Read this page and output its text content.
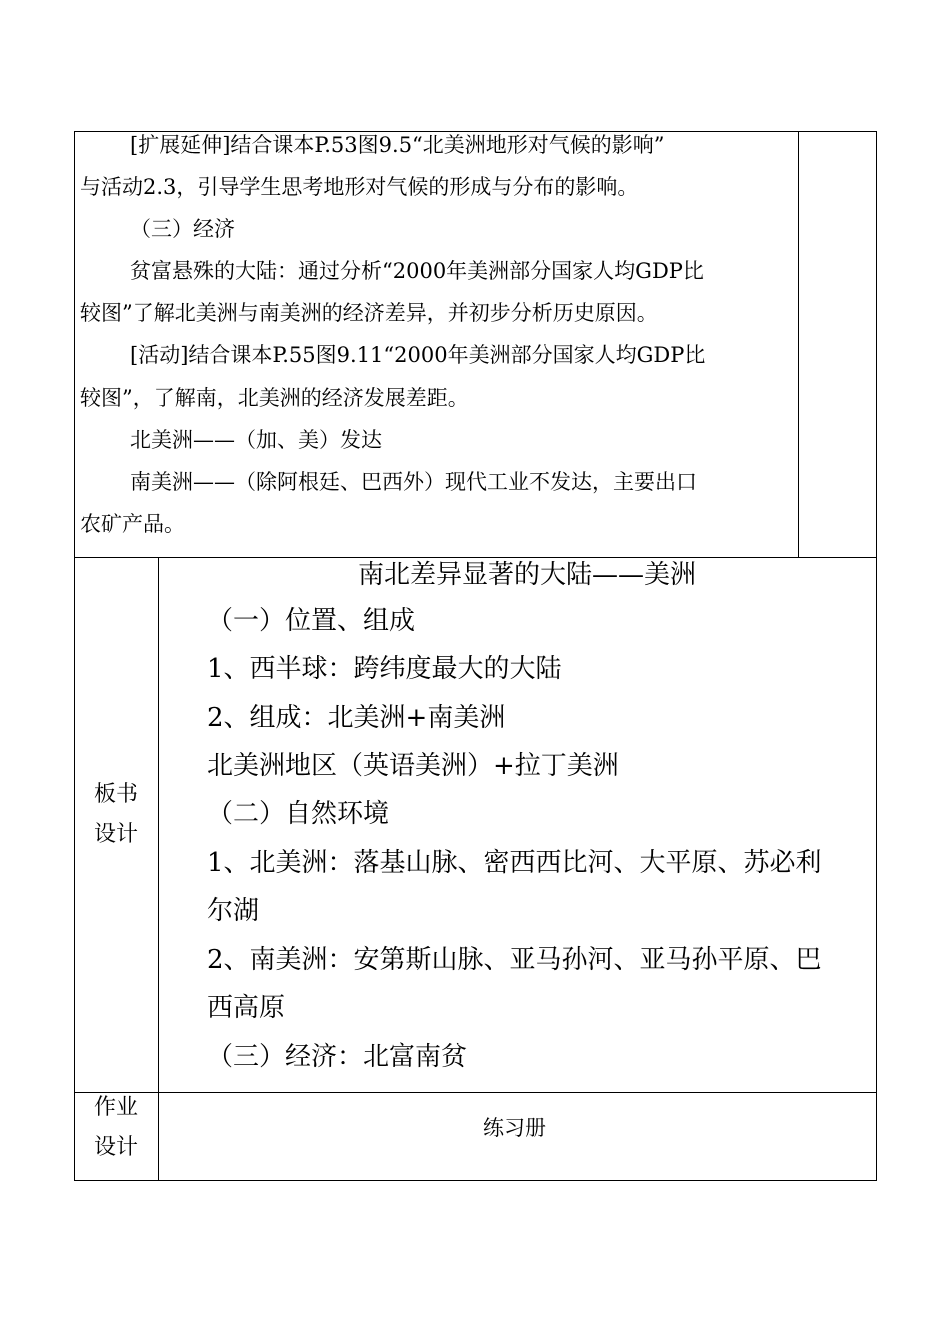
[扩展延伸]结合课本P.53图9.5“北美洲地形对气候的影响”
与活动2.3，引导学生思考地形对气候的形成与分布的影响。
（三）经济
贫富悬殊的大陆：通过分析“2000年美洲部分国家人均GDP比
较图”了解北美洲与南美洲的经济差异，并初步分析历史原因。
[活动]结合课本P.55图9.11“2000年美洲部分国家人均GDP比
较图”，了解南，北美洲的经济发展差距。
北美洲——（加、美）发达
南美洲——（除阿根廷、巴西外）现代工业不发达，主要出口
农矿产品。
板书
设计
南北差异显著的大陆——美洲
（一）位置、组成
1、西半球：跨纬度最大的大陆
2、组成：北美洲+南美洲
北美洲地区（英语美洲）+拉丁美洲
（二）自然环境
1、北美洲：落基山脉、密西西比河、大平原、苏必利
尔湖
2、南美洲：安第斯山脉、亚马孙河、亚马孙平原、巴
西高原
（三）经济：北富南贫
作业
设计
练习册
